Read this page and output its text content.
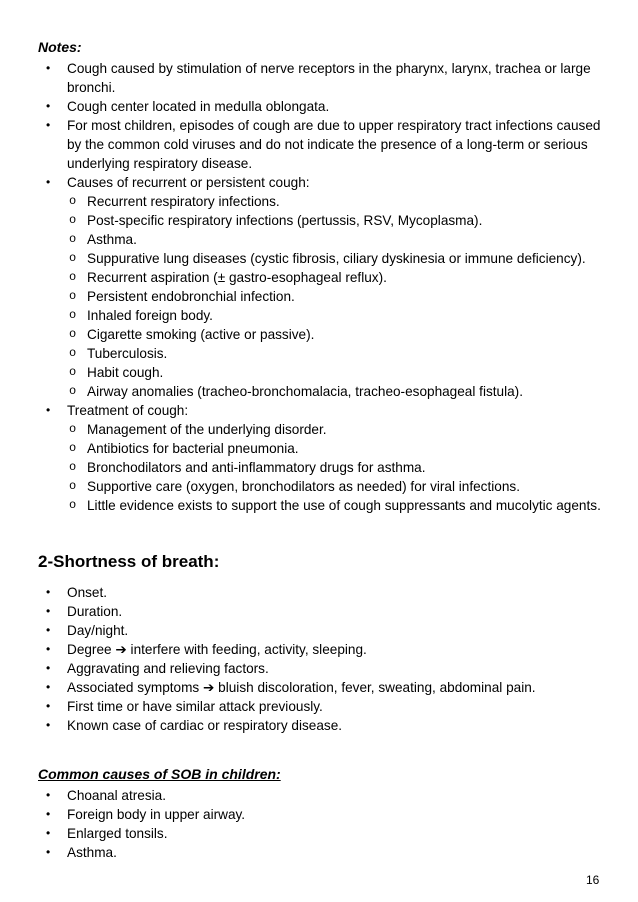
Notes:
•	Cough caused by stimulation of nerve receptors in the pharynx, larynx, trachea or large bronchi.
•	Cough center located in medulla oblongata.
•	For most children, episodes of cough are due to upper respiratory tract infections caused by the common cold viruses and do not indicate the presence of a long-term or serious underlying respiratory disease.
•	Causes of recurrent or persistent cough:
o Recurrent respiratory infections.
o Post-specific respiratory infections (pertussis, RSV, Mycoplasma).
o Asthma.
o Suppurative lung diseases (cystic fibrosis, ciliary dyskinesia or immune deficiency).
o Recurrent aspiration (± gastro-esophageal reflux).
o Persistent endobronchial infection.
o Inhaled foreign body.
o Cigarette smoking (active or passive).
o Tuberculosis.
o Habit cough.
o Airway anomalies (tracheo-bronchomalacia, tracheo-esophageal fistula).
•	Treatment of cough:
o Management of the underlying disorder.
o Antibiotics for bacterial pneumonia.
o Bronchodilators and anti-inflammatory drugs for asthma.
o Supportive care (oxygen, bronchodilators as needed) for viral infections.
o Little evidence exists to support the use of cough suppressants and mucolytic agents.
2-Shortness of breath:
•	Onset.
•	Duration.
•	Day/night.
•	Degree ➔ interfere with feeding, activity, sleeping.
•	Aggravating and relieving factors.
•	Associated symptoms ➔ bluish discoloration, fever, sweating, abdominal pain.
•	First time or have similar attack previously.
•	Known case of cardiac or respiratory disease.
Common causes of SOB in children:
•	Choanal atresia.
•	Foreign body in upper airway.
•	Enlarged tonsils.
•	Asthma.
16
